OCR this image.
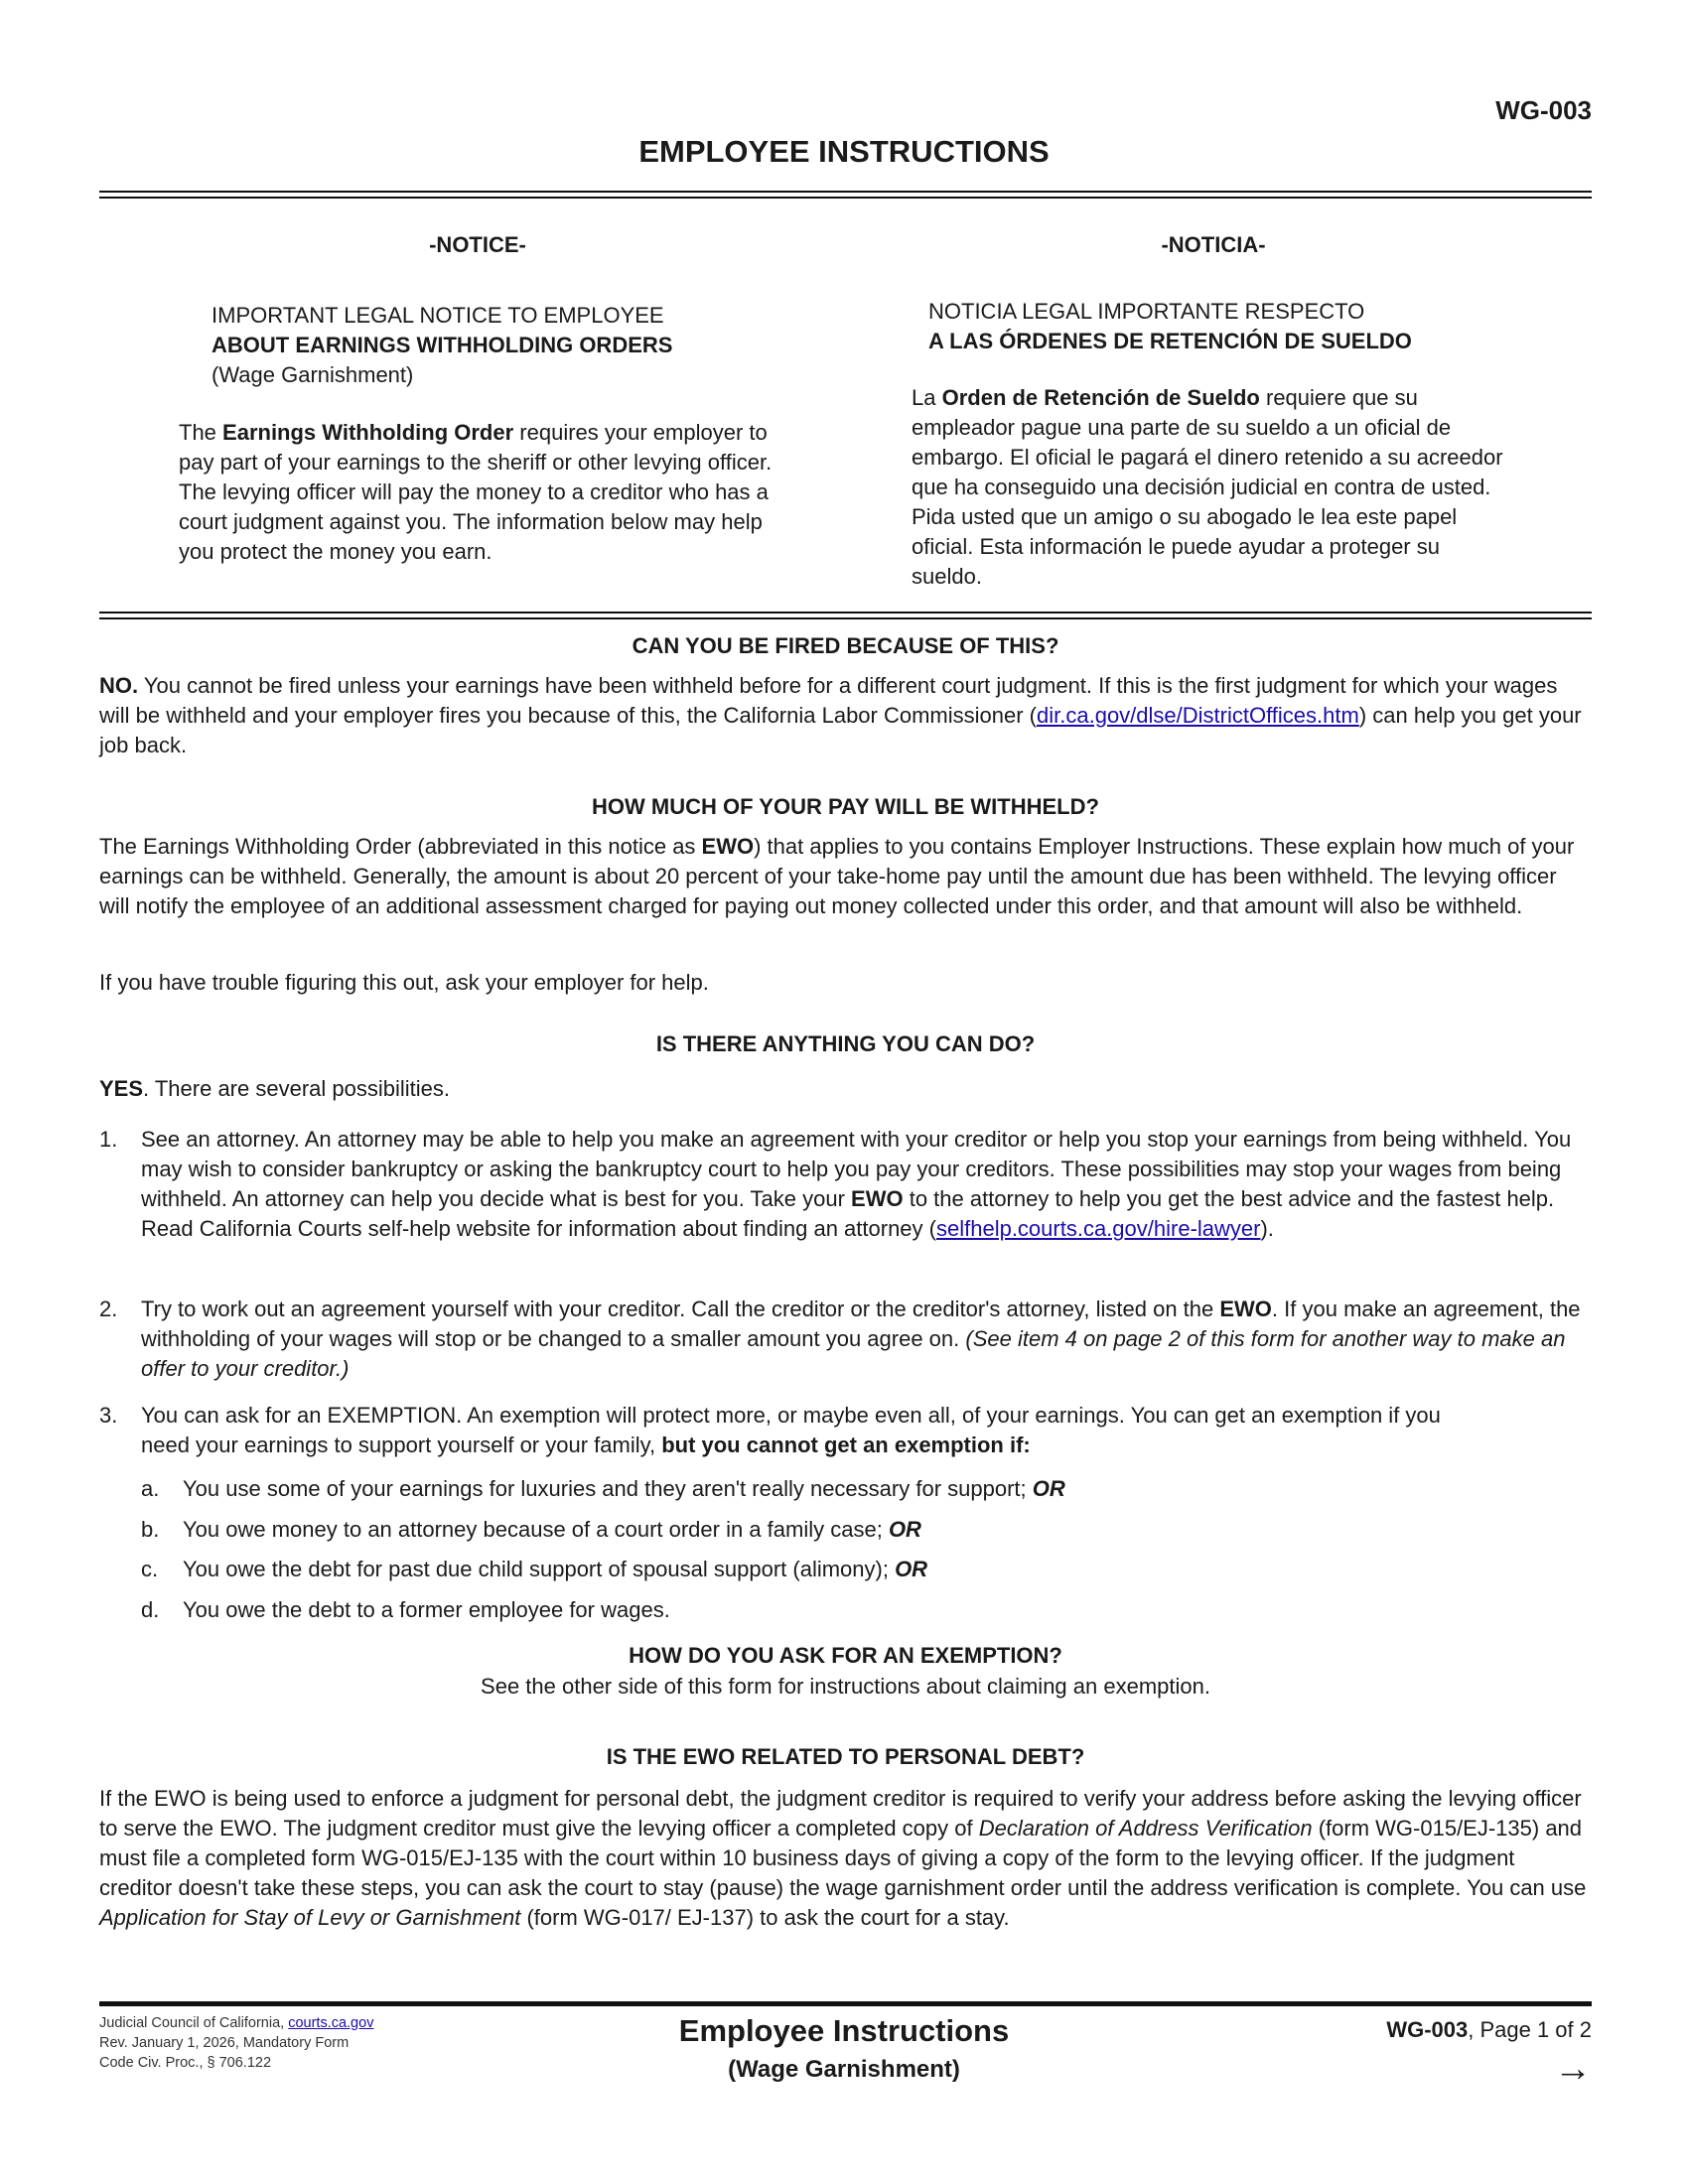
WG-003
EMPLOYEE INSTRUCTIONS
-NOTICE-	-NOTICIA-
IMPORTANT LEGAL NOTICE TO EMPLOYEE
ABOUT EARNINGS WITHHOLDING ORDERS
(Wage Garnishment)
The Earnings Withholding Order requires your employer to pay part of your earnings to the sheriff or other levying officer. The levying officer will pay the money to a creditor who has a court judgment against you. The information below may help you protect the money you earn.
NOTICIA LEGAL IMPORTANTE RESPECTO
A LAS ÓRDENES DE RETENCIÓN DE SUELDO
La Orden de Retención de Sueldo requiere que su empleador pague una parte de su sueldo a un oficial de embargo. El oficial le pagará el dinero retenido a su acreedor que ha conseguido una decisión judicial en contra de usted. Pida usted que un amigo o su abogado le lea este papel oficial. Esta información le puede ayudar a proteger su sueldo.
CAN YOU BE FIRED BECAUSE OF THIS?
NO. You cannot be fired unless your earnings have been withheld before for a different court judgment. If this is the first judgment for which your wages will be withheld and your employer fires you because of this, the California Labor Commissioner (dir.ca.gov/dlse/DistrictOffices.htm) can help you get your job back.
HOW MUCH OF YOUR PAY WILL BE WITHHELD?
The Earnings Withholding Order (abbreviated in this notice as EWO) that applies to you contains Employer Instructions. These explain how much of your earnings can be withheld. Generally, the amount is about 20 percent of your take-home pay until the amount due has been withheld. The levying officer will notify the employee of an additional assessment charged for paying out money collected under this order, and that amount will also be withheld.
If you have trouble figuring this out, ask your employer for help.
IS THERE ANYTHING YOU CAN DO?
YES. There are several possibilities.
1. See an attorney. An attorney may be able to help you make an agreement with your creditor or help you stop your earnings from being withheld. You may wish to consider bankruptcy or asking the bankruptcy court to help you pay your creditors. These possibilities may stop your wages from being withheld. An attorney can help you decide what is best for you. Take your EWO to the attorney to help you get the best advice and the fastest help. Read California Courts self-help website for information about finding an attorney (selfhelp.courts.ca.gov/hire-lawyer).
2. Try to work out an agreement yourself with your creditor. Call the creditor or the creditor's attorney, listed on the EWO. If you make an agreement, the withholding of your wages will stop or be changed to a smaller amount you agree on. (See item 4 on page 2 of this form for another way to make an offer to your creditor.)
3. You can ask for an EXEMPTION. An exemption will protect more, or maybe even all, of your earnings. You can get an exemption if you need your earnings to support yourself or your family, but you cannot get an exemption if:
a. You use some of your earnings for luxuries and they aren't really necessary for support; OR
b. You owe money to an attorney because of a court order in a family case; OR
c. You owe the debt for past due child support of spousal support (alimony); OR
d. You owe the debt to a former employee for wages.
HOW DO YOU ASK FOR AN EXEMPTION?
See the other side of this form for instructions about claiming an exemption.
IS THE EWO RELATED TO PERSONAL DEBT?
If the EWO is being used to enforce a judgment for personal debt, the judgment creditor is required to verify your address before asking the levying officer to serve the EWO. The judgment creditor must give the levying officer a completed copy of Declaration of Address Verification (form WG-015/EJ-135) and must file a completed form WG-015/EJ-135 with the court within 10 business days of giving a copy of the form to the levying officer. If the judgment creditor doesn't take these steps, you can ask the court to stay (pause) the wage garnishment order until the address verification is complete. You can use Application for Stay of Levy or Garnishment (form WG-017/ EJ-137) to ask the court for a stay.
Judicial Council of California, courts.ca.gov
Rev. January 1, 2026, Mandatory Form
Code Civ. Proc., § 706.122
Employee Instructions
(Wage Garnishment)
WG-003, Page 1 of 2
→
